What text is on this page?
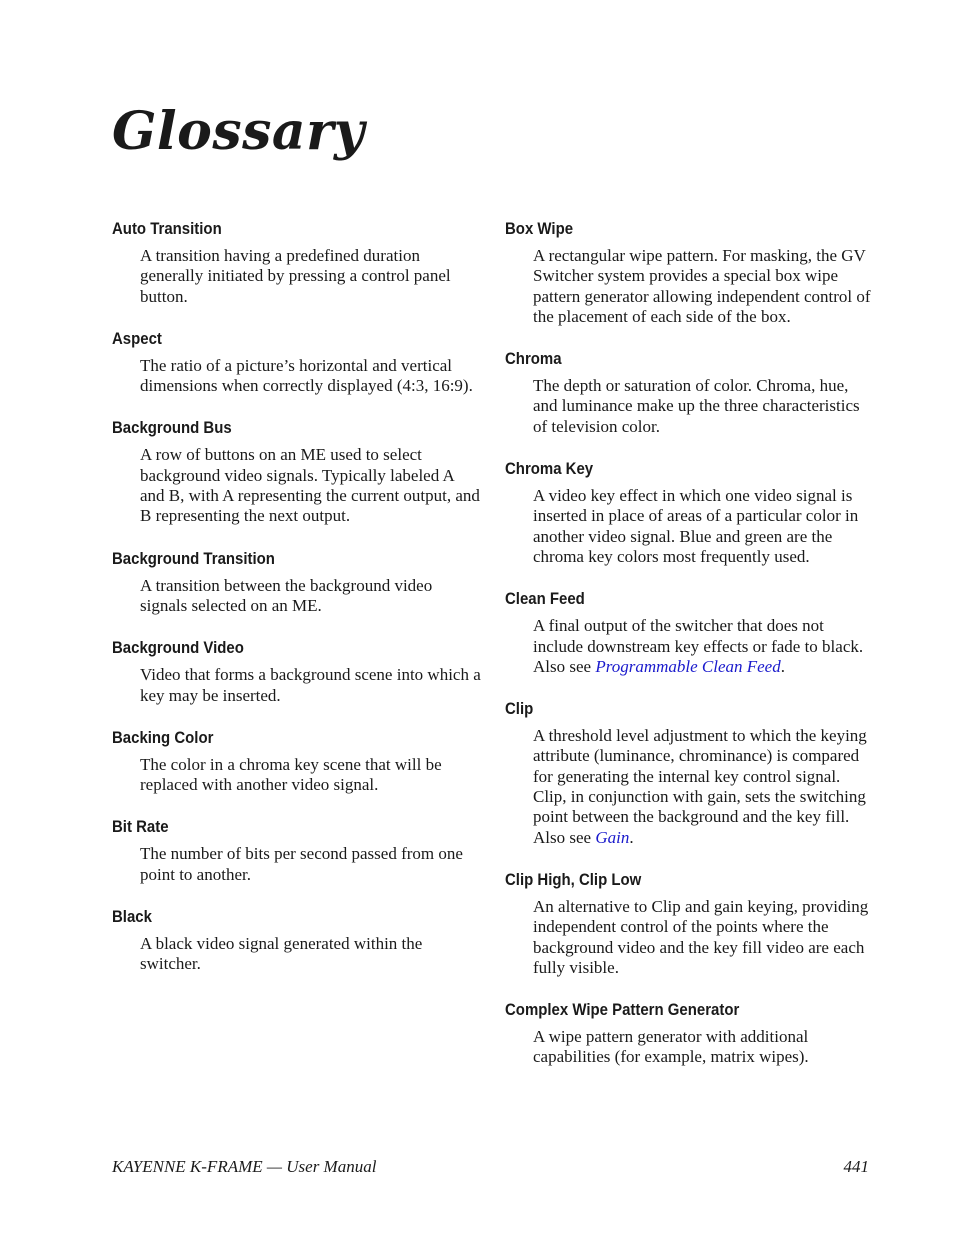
Glossary
Auto Transition
A transition having a predefined duration generally initiated by pressing a control panel button.
Aspect
The ratio of a picture’s horizontal and vertical dimensions when correctly displayed (4:3, 16:9).
Background Bus
A row of buttons on an ME used to select background video signals. Typically labeled A and B, with A representing the current output, and B representing the next output.
Background Transition
A transition between the background video signals selected on an ME.
Background Video
Video that forms a background scene into which a key may be inserted.
Backing Color
The color in a chroma key scene that will be replaced with another video signal.
Bit Rate
The number of bits per second passed from one point to another.
Black
A black video signal generated within the switcher.
Box Wipe
A rectangular wipe pattern. For masking, the GV Switcher system provides a special box wipe pattern generator allowing independent control of the placement of each side of the box.
Chroma
The depth or saturation of color. Chroma, hue, and luminance make up the three characteristics of television color.
Chroma Key
A video key effect in which one video signal is inserted in place of areas of a particular color in another video signal. Blue and green are the chroma key colors most frequently used.
Clean Feed
A final output of the switcher that does not include downstream key effects or fade to black. Also see Programmable Clean Feed.
Clip
A threshold level adjustment to which the keying attribute (luminance, chrominance) is compared for generating the internal key control signal. Clip, in conjunction with gain, sets the switching point between the background and the key fill. Also see Gain.
Clip High, Clip Low
An alternative to Clip and gain keying, providing independent control of the points where the background video and the key fill video are each fully visible.
Complex Wipe Pattern Generator
A wipe pattern generator with additional capabilities (for example, matrix wipes).
KAYENNE K-FRAME — User Manual	441
